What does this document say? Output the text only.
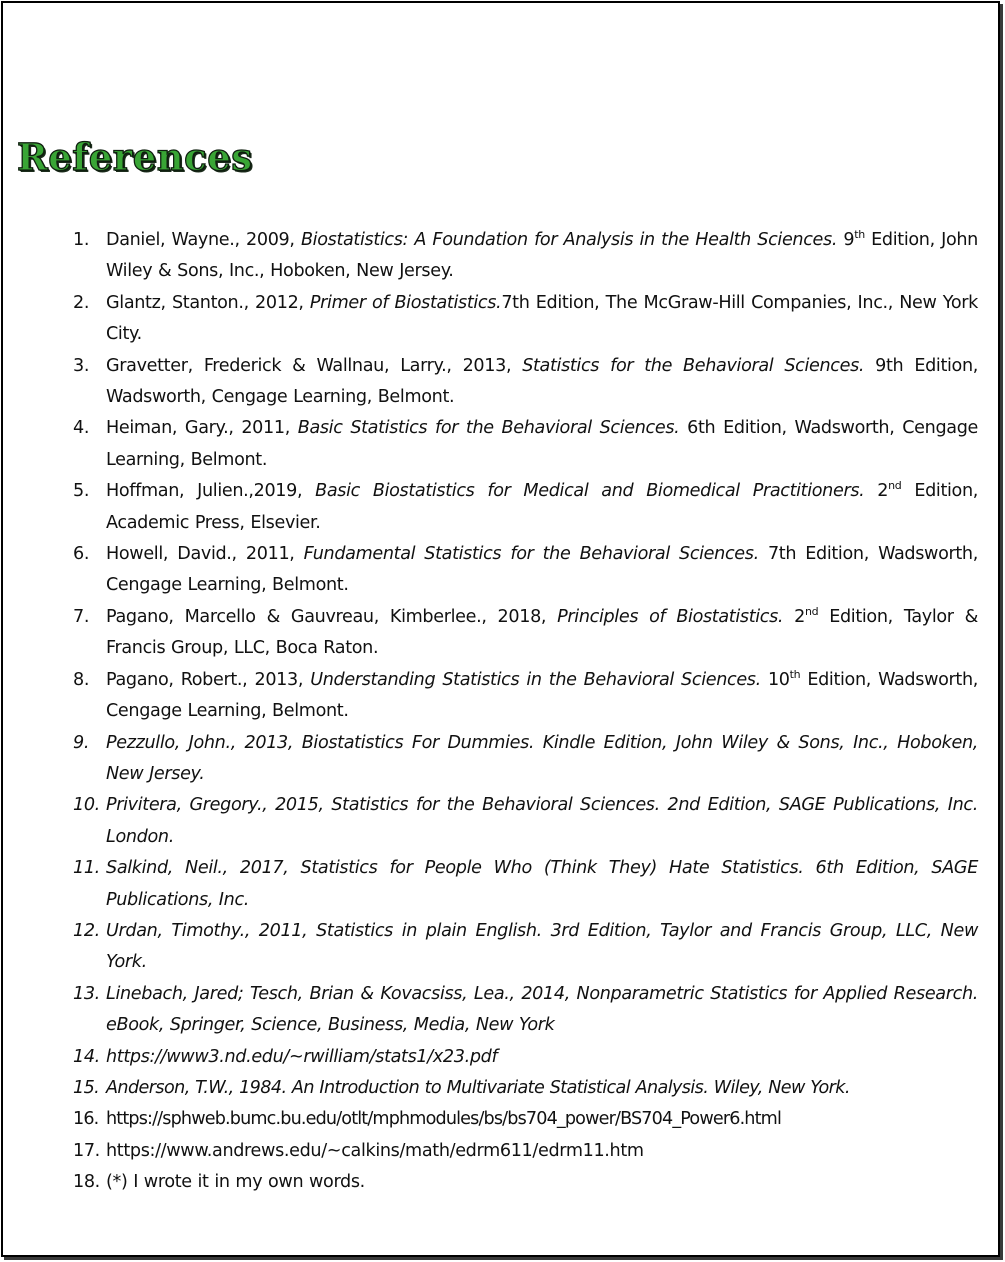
References
1. Daniel, Wayne., 2009, Biostatistics: A Foundation for Analysis in the Health Sciences. 9th Edition, John Wiley & Sons, Inc., Hoboken, New Jersey.
2. Glantz, Stanton., 2012, Primer of Biostatistics.7th Edition, The McGraw-Hill Companies, Inc., New York City.
3. Gravetter, Frederick & Wallnau, Larry., 2013, Statistics for the Behavioral Sciences. 9th Edition, Wadsworth, Cengage Learning, Belmont.
4. Heiman, Gary., 2011, Basic Statistics for the Behavioral Sciences. 6th Edition, Wadsworth, Cengage Learning, Belmont.
5. Hoffman, Julien.,2019, Basic Biostatistics for Medical and Biomedical Practitioners. 2nd Edition, Academic Press, Elsevier.
6. Howell, David., 2011, Fundamental Statistics for the Behavioral Sciences. 7th Edition, Wadsworth, Cengage Learning, Belmont.
7. Pagano, Marcello & Gauvreau, Kimberlee., 2018, Principles of Biostatistics. 2nd Edition, Taylor & Francis Group, LLC, Boca Raton.
8. Pagano, Robert., 2013, Understanding Statistics in the Behavioral Sciences. 10th Edition, Wadsworth, Cengage Learning, Belmont.
9. Pezzullo, John., 2013, Biostatistics For Dummies. Kindle Edition, John Wiley & Sons, Inc., Hoboken, New Jersey.
10. Privitera, Gregory., 2015, Statistics for the Behavioral Sciences. 2nd Edition, SAGE Publications, Inc. London.
11. Salkind, Neil., 2017, Statistics for People Who (Think They) Hate Statistics. 6th Edition, SAGE Publications, Inc.
12. Urdan, Timothy., 2011, Statistics in plain English. 3rd Edition, Taylor and Francis Group, LLC, New York.
13. Linebach, Jared; Tesch, Brian & Kovacsiss, Lea., 2014, Nonparametric Statistics for Applied Research. eBook, Springer, Science, Business, Media, New York
14. https://www3.nd.edu/~rwilliam/stats1/x23.pdf
15. Anderson, T.W., 1984. An Introduction to Multivariate Statistical Analysis. Wiley, New York.
16. https://sphweb.bumc.bu.edu/otlt/mphmodules/bs/bs704_power/BS704_Power6.html
17. https://www.andrews.edu/~calkins/math/edrm611/edrm11.htm
18. (*) I wrote it in my own words.
